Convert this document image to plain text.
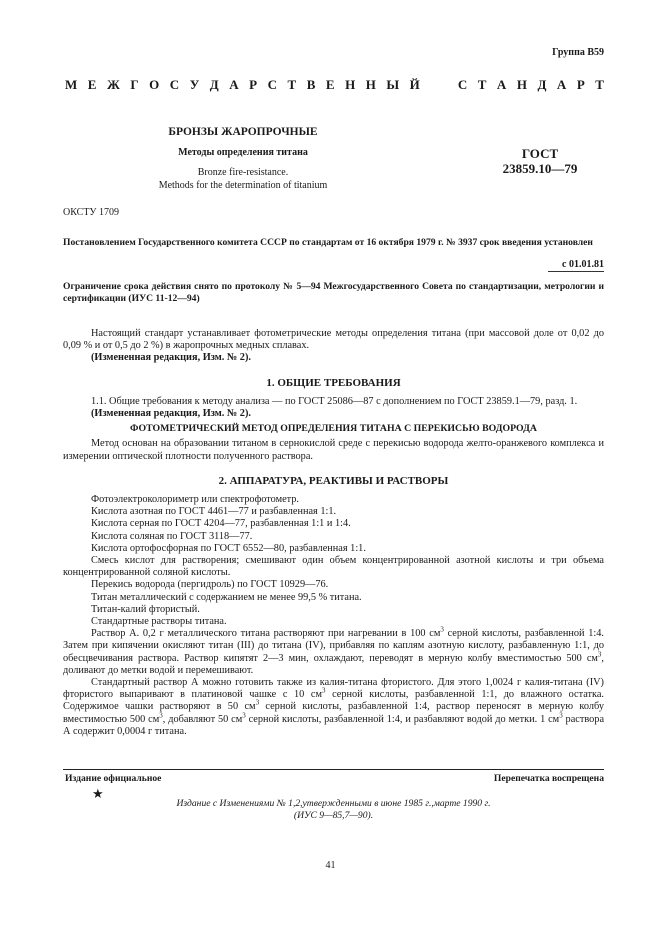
Группа В59
М Е Ж Г О С У Д А Р С Т В Е Н Н Ы Й

	С Т А Н Д А Р Т
БРОНЗЫ ЖАРОПРОЧНЫЕ
Методы определения титана
Bronze fire-resistance.
Methods for the determination of titanium
ГОСТ
23859.10—79
ОКСТУ 1709
Постановлением Государственного комитета СССР по стандартам от 16 октября 1979 г. № 3937 срок введения установлен
с 01.01.81
Ограничение срока действия снято по протоколу № 5—94 Межгосударственного Совета по стандартизации, метрологии и сертификации (ИУС 11-12—94)

Настоящий стандарт устанавливает фотометрические методы определения титана (при массовой доле от 0,02 до 0,09 % и от 0,5 до 2 %) в жаропрочных медных сплавах.

(Измененная редакция, Изм. № 2).

1. ОБЩИЕ ТРЕБОВАНИЯ

1.1. Общие требования к методу анализа — по ГОСТ 25086—87 с дополнением по ГОСТ 23859.1—79, разд. 1.

(Измененная редакция, Изм. № 2).

ФОТОМЕТРИЧЕСКИЙ МЕТОД ОПРЕДЕЛЕНИЯ ТИТАНА С ПЕРЕКИСЬЮ ВОДОРОДА

Метод основан на образовании титаном в сернокислой среде с перекисью водорода желто-оранжевого комплекса и измерении оптической плотности полученного раствора.

2. АППАРАТУРА, РЕАКТИВЫ И РАСТВОРЫ

Фотоэлектроколориметр или спектрофотометр.

Кислота азотная по ГОСТ 4461—77 и разбавленная 1:1.

Кислота серная по ГОСТ 4204—77, разбавленная 1:1 и 1:4.

Кислота соляная по ГОСТ 3118—77.

Кислота ортофосфорная по ГОСТ 6552—80, разбавленная 1:1.

Смесь кислот для растворения; смешивают один объем концентрированной азотной кислоты и три объема концентрированной соляной кислоты.

Перекись водорода (пергидроль) по ГОСТ 10929—76.

Титан металлический с содержанием не менее 99,5 % титана.

Титан-калий фтористый.

Стандартные растворы титана.

Раствор А. 0,2 г металлического титана растворяют при нагревании в 100 $см^3$ серной кислоты, разбавленной 1:4. Затем при кипячении окисляют титан (III) до титана (IV), прибавляя по каплям азотную кислоту, разбавленную 1:1, до обесцвечивания раствора. Раствор кипятят 2—3 мин, охлаждают, переводят в мерную колбу вместимостью 500 $см^3$, доливают до метки водой и перемешивают.

Стандартный раствор А можно готовить также из калия-титана фтористого. Для этого 1,0024 г калия-титана (IV) фтористого выпаривают в платиновой чашке с 10 $см^3$ серной кислоты, разбавленной 1:1, до влажного остатка. Содержимое чашки растворяют в 50 $см^3$ серной кислоты, разбавленной 1:4, раствор переносят в мерную колбу вместимостью 500 $см^3$, добавляют 50 $см^3$ серной кислоты, разбавленной 1:4, и разбавляют водой до метки. 1 $см^3$ раствора А содержит 0,0004 г титана.

Издание официальное	Перепечатка воспрещена
★
Издание с Изменениями № 1,2,утвержденными в июне 1985 г.,марте 1990 г.
(ИУС 9—85,7—90).
41
